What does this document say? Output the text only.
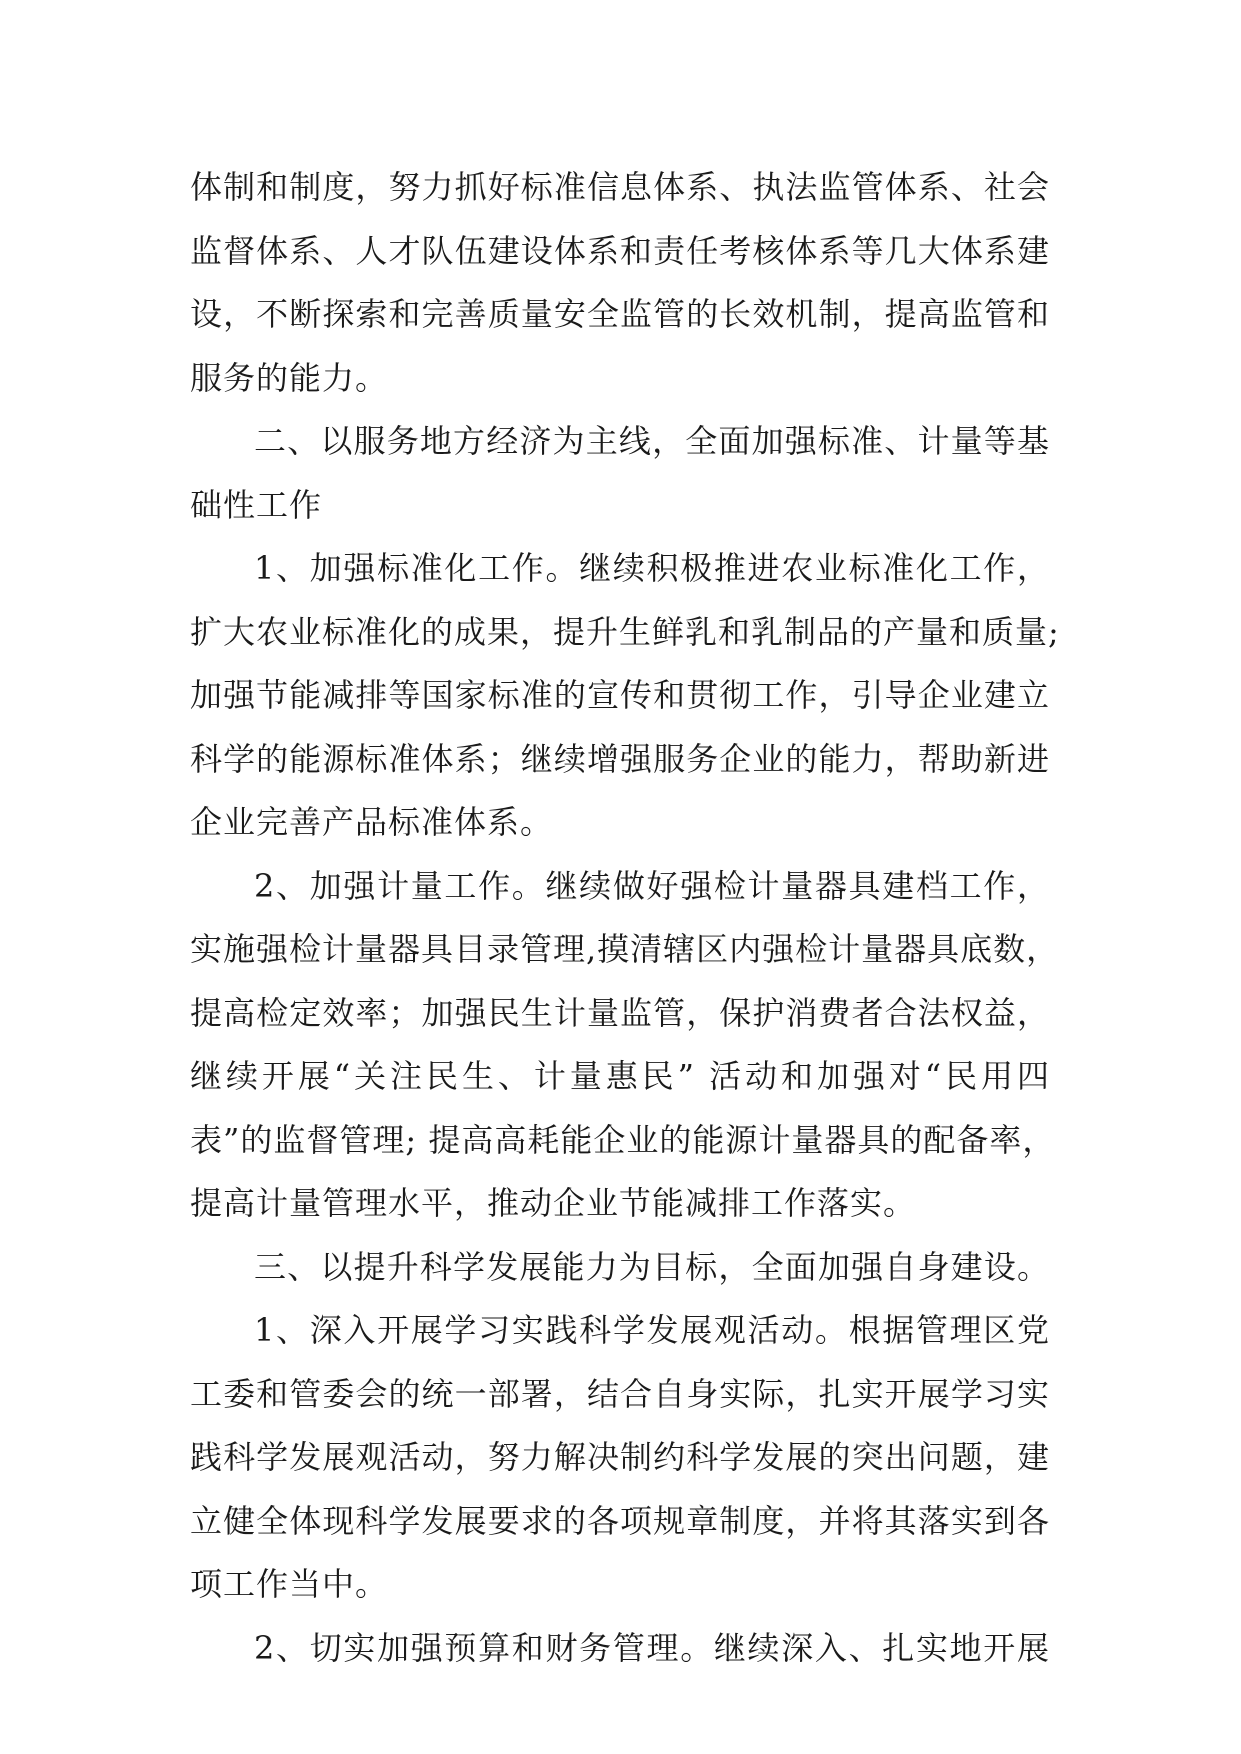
体制和制度，努力抓好标准信息体系、执法监管体系、社会
监督体系、人才队伍建设体系和责任考核体系等几大体系建
设，不断探索和完善质量安全监管的长效机制，提高监管和
服务的能力。
二、以服务地方经济为主线，全面加强标准、计量等基
础性工作
1、加强标准化工作。继续积极推进农业标准化工作，
扩大农业标准化的成果，提升生鲜乳和乳制品的产量和质量;
加强节能减排等国家标准的宣传和贯彻工作，引导企业建立
科学的能源标准体系；继续增强服务企业的能力，帮助新进
企业完善产品标准体系。
2、加强计量工作。继续做好强检计量器具建档工作，
实施强检计量器具目录管理,摸清辖区内强检计量器具底数，
提高检定效率；加强民生计量监管，保护消费者合法权益，
继续开展“关注民生、计量惠民” 活动和加强对“民用四
表”的监督管理; 提高高耗能企业的能源计量器具的配备率，
提高计量管理水平，推动企业节能减排工作落实。
三、以提升科学发展能力为目标，全面加强自身建设。
1、深入开展学习实践科学发展观活动。根据管理区党
工委和管委会的统一部署，结合自身实际，扎实开展学习实
践科学发展观活动，努力解决制约科学发展的突出问题，建
立健全体现科学发展要求的各项规章制度，并将其落实到各
项工作当中。
2、切实加强预算和财务管理。继续深入、扎实地开展
